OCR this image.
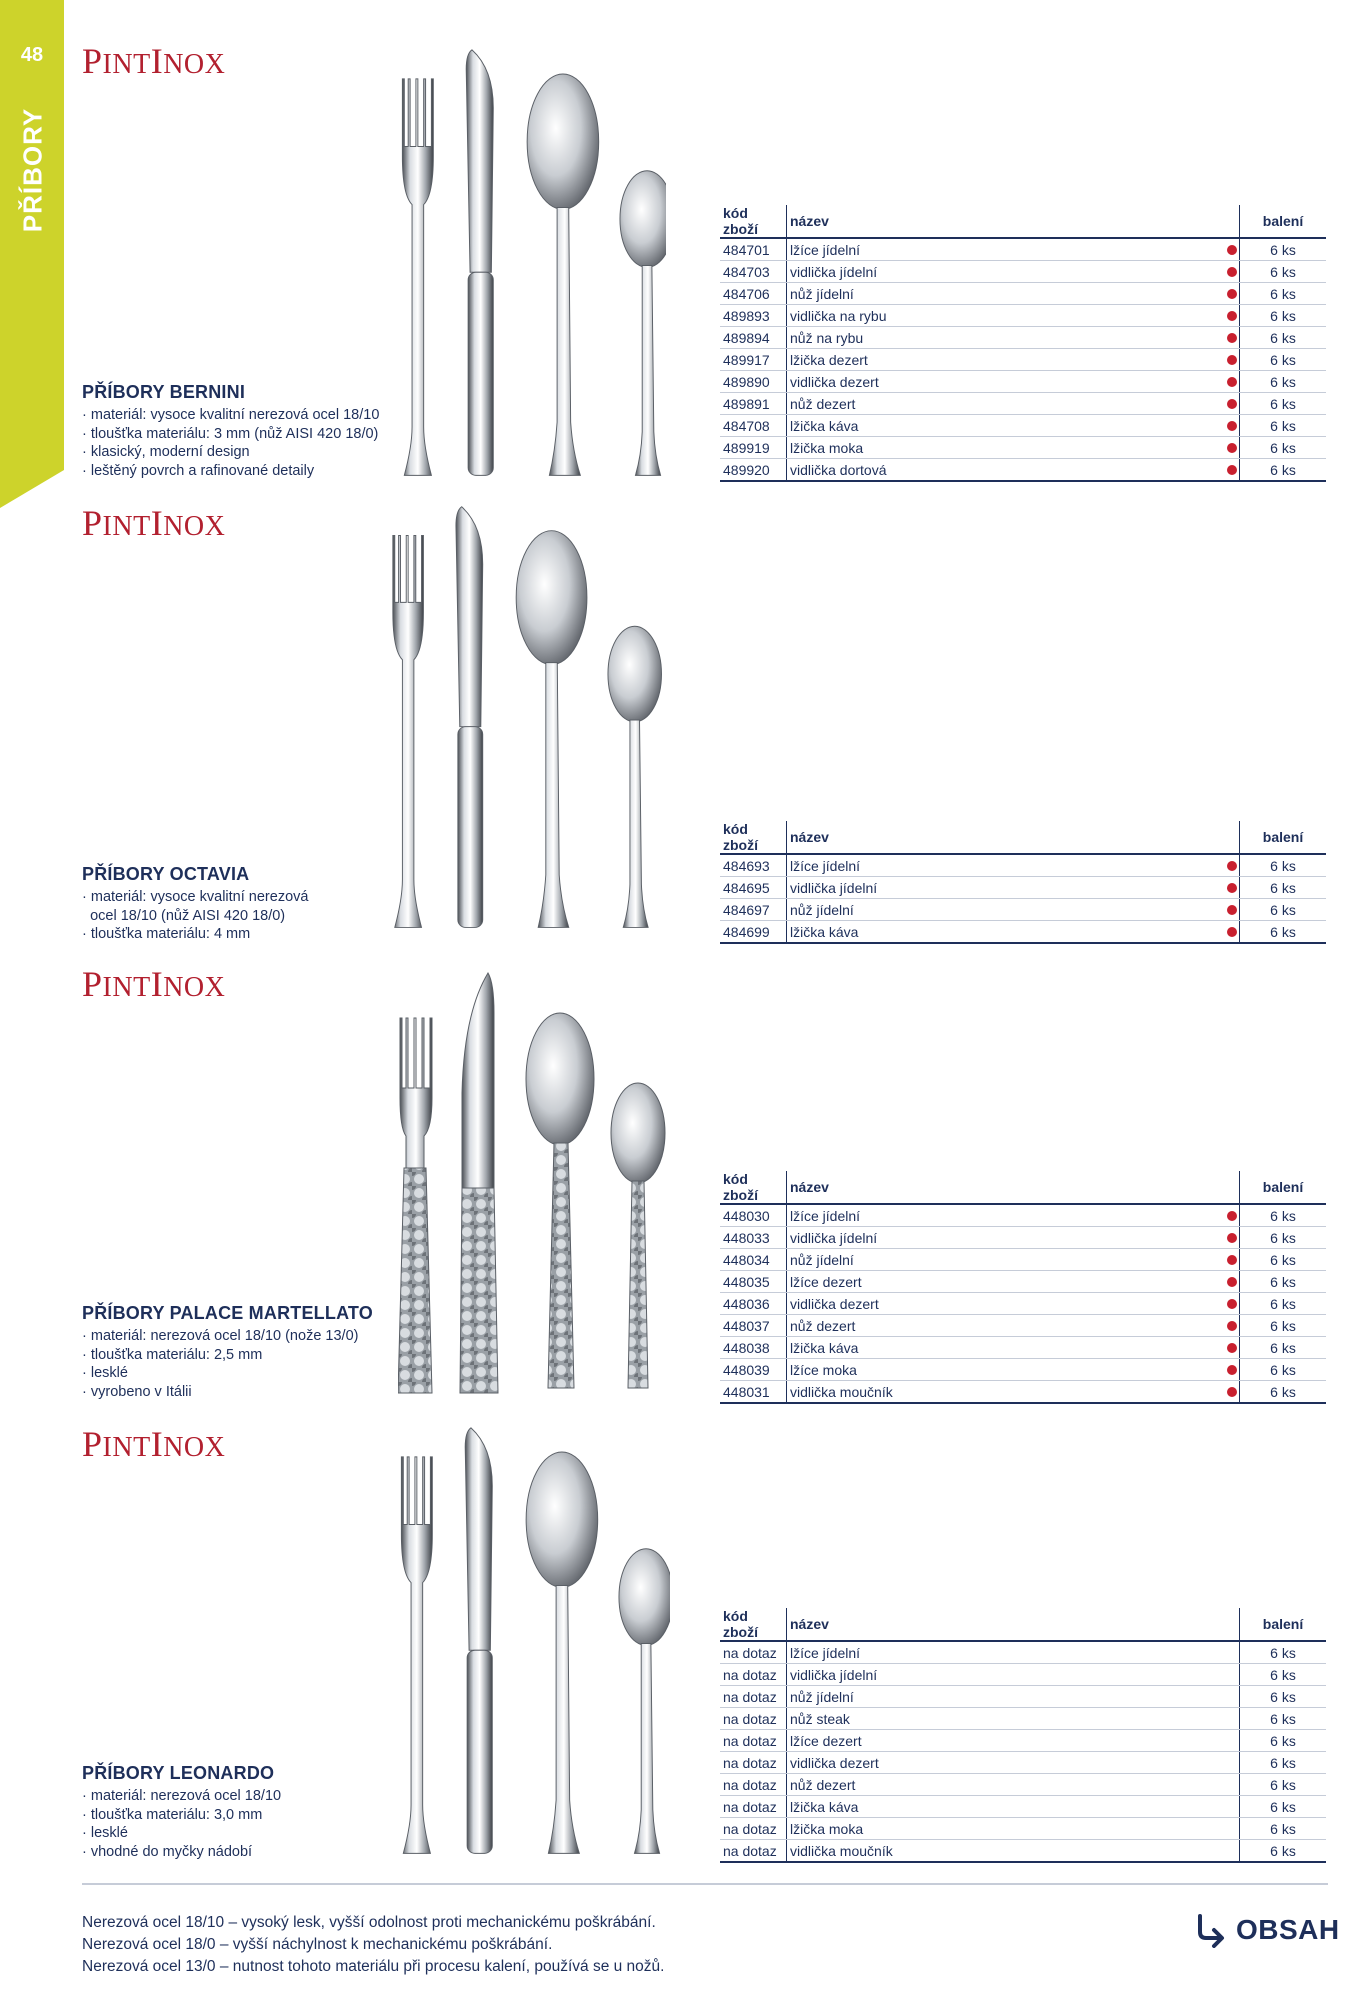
48
PŘÍBORY
PINTINOX
PŘÍBORY BERNINI
· materiál: vysoce kvalitní nerezová ocel 18/10
· tloušťka materiálu: 3 mm (nůž AISI 420 18/0)
· klasický, moderní design
· leštěný povrch a rafinované detaily
kód zboží	název	balení
484701	lžíce jídelní	6 ks
484703	vidlička jídelní	6 ks
484706	nůž jídelní	6 ks
489893	vidlička na rybu	6 ks
489894	nůž na rybu	6 ks
489917	lžička dezert	6 ks
489890	vidlička dezert	6 ks
489891	nůž dezert	6 ks
484708	lžička káva	6 ks
489919	lžička moka	6 ks
489920	vidlička dortová	6 ks
PINTINOX
PŘÍBORY OCTAVIA
· materiál: vysoce kvalitní nerezová
ocel 18/10 (nůž AISI 420 18/0)
· tloušťka materiálu: 4 mm
kód zboží	název	balení
484693	lžíce jídelní	6 ks
484695	vidlička jídelní	6 ks
484697	nůž jídelní	6 ks
484699	lžička káva	6 ks
PINTINOX
PŘÍBORY PALACE MARTELLATO
· materiál: nerezová ocel 18/10 (nože 13/0)
· tloušťka materiálu: 2,5 mm
· lesklé
· vyrobeno v Itálii
kód zboží	název	balení
448030	lžíce jídelní	6 ks
448033	vidlička jídelní	6 ks
448034	nůž jídelní	6 ks
448035	lžíce dezert	6 ks
448036	vidlička dezert	6 ks
448037	nůž dezert	6 ks
448038	lžička káva	6 ks
448039	lžíce moka	6 ks
448031	vidlička moučník	6 ks
PINTINOX
PŘÍBORY LEONARDO
· materiál: nerezová ocel 18/10
· tloušťka materiálu: 3,0 mm
· lesklé
· vhodné do myčky nádobí
kód zboží	název	balení
na dotaz	lžíce jídelní	6 ks
na dotaz	vidlička jídelní	6 ks
na dotaz	nůž jídelní	6 ks
na dotaz	nůž steak	6 ks
na dotaz	lžíce dezert	6 ks
na dotaz	vidlička dezert	6 ks
na dotaz	nůž dezert	6 ks
na dotaz	lžička káva	6 ks
na dotaz	lžička moka	6 ks
na dotaz	vidlička moučník	6 ks
Nerezová ocel 18/10 – vysoký lesk, vyšší odolnost proti mechanickému poškrábání.
Nerezová ocel 18/0 – vyšší náchylnost k mechanickému poškrábání.
Nerezová ocel 13/0 – nutnost tohoto materiálu při procesu kalení, používá se u nožů.
OBSAH
